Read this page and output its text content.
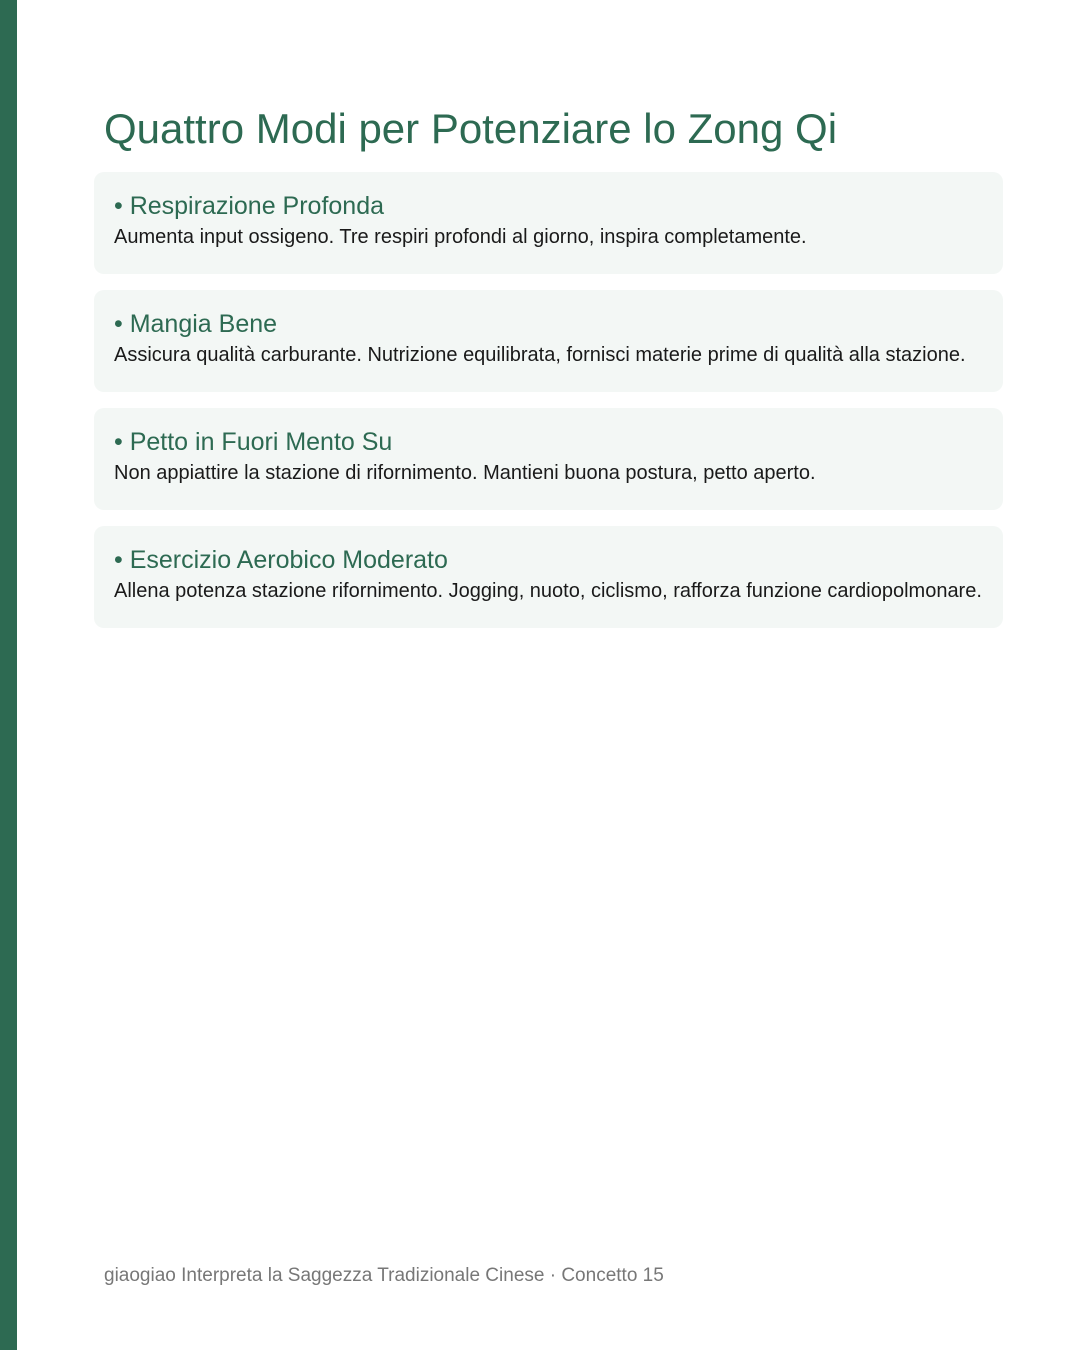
Quattro Modi per Potenziare lo Zong Qi
• Respirazione Profonda

Aumenta input ossigeno. Tre respiri profondi al giorno, inspira completamente.

• Mangia Bene

Assicura qualità carburante. Nutrizione equilibrata, fornisci materie prime di qualità alla stazione.

• Petto in Fuori Mento Su

Non appiattire la stazione di rifornimento. Mantieni buona postura, petto aperto.

• Esercizio Aerobico Moderato

Allena potenza stazione rifornimento. Jogging, nuoto, ciclismo, rafforza funzione cardiopolmonare.

giaogiao Interpreta la Saggezza Tradizionale Cinese · Concetto 15
